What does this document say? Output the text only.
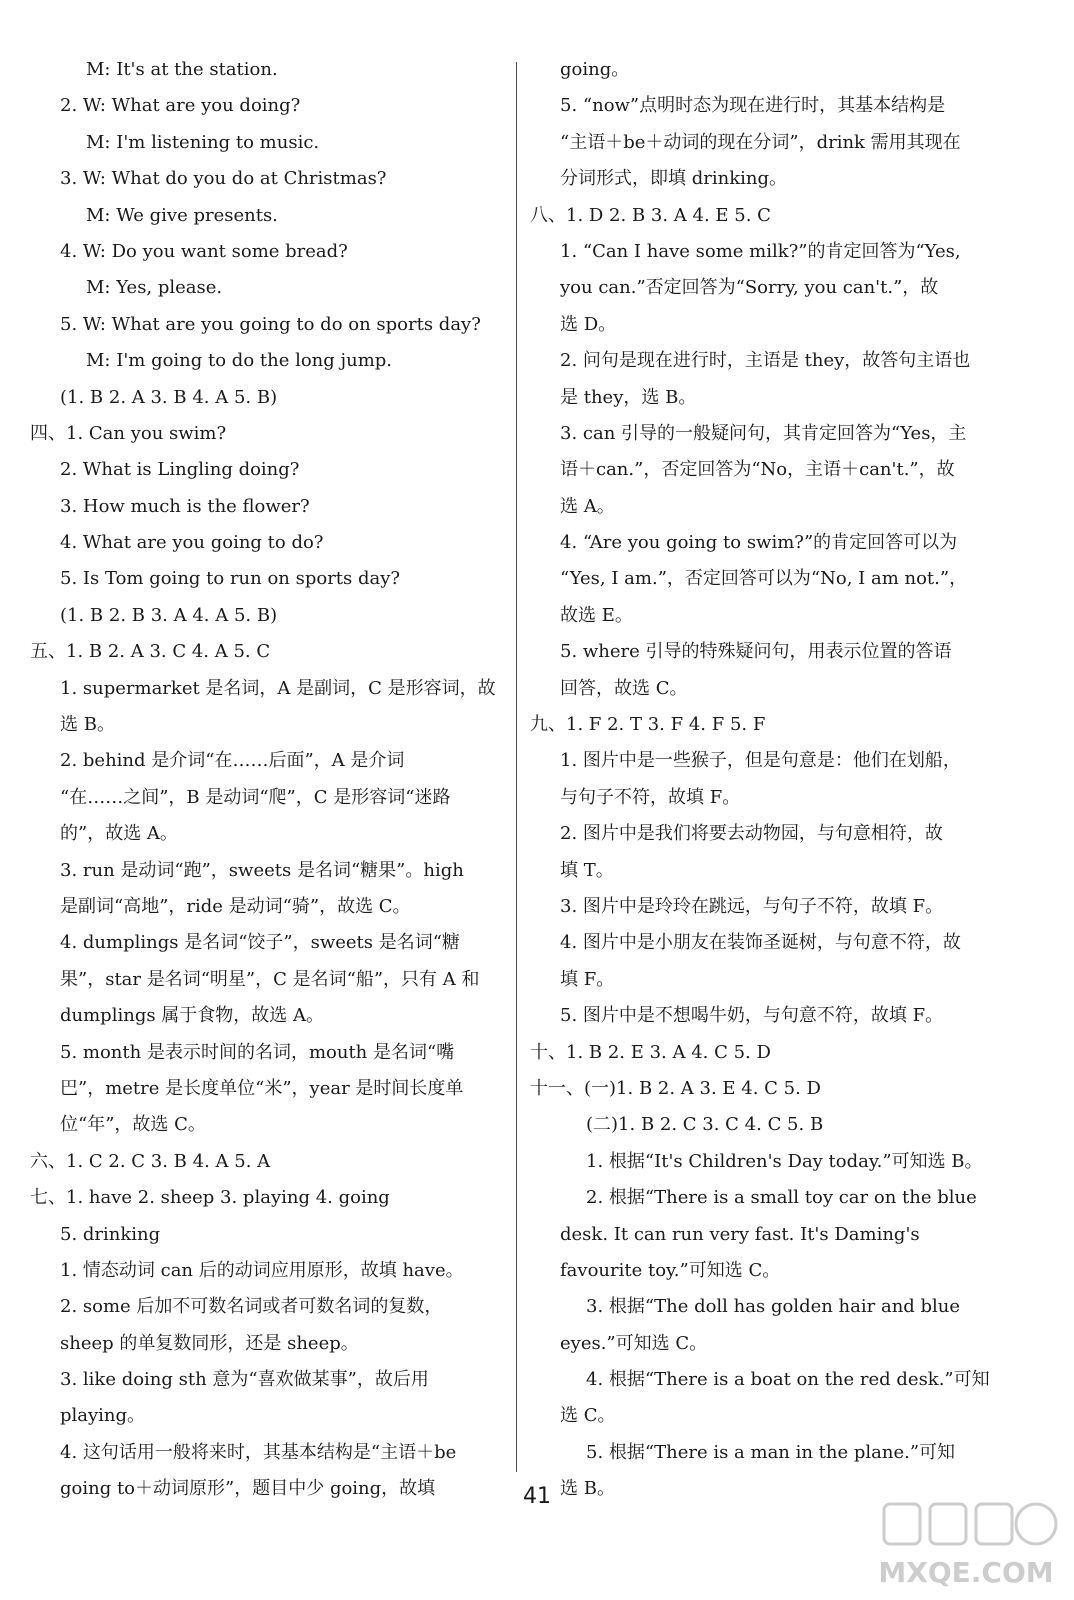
M: It's at the station.
2. W: What are you doing?
M: I'm listening to music.
3. W: What do you do at Christmas?
M: We give presents.
4. W: Do you want some bread?
M: Yes, please.
5. W: What are you going to do on sports day?
M: I'm going to do the long jump.
(1. B 2. A 3. B 4. A 5. B)
四、1. Can you swim?
2. What is Lingling doing?
3. How much is the flower?
4. What are you going to do?
5. Is Tom going to run on sports day?
(1. B 2. B 3. A 4. A 5. B)
五、1. B 2. A 3. C 4. A 5. C
1. supermarket 是名词，A 是副词，C 是形容词，故
选 B。
2. behind 是介词“在……后面”，A 是介词
“在……之间”，B 是动词“爬”，C 是形容词“迷路
的”，故选 A。
3. run 是动词“跑”，sweets 是名词“糖果”。high
是副词“高地”，ride 是动词“骑”，故选 C。
4. dumplings 是名词“饺子”，sweets 是名词“糖
果”，star 是名词“明星”，C 是名词“船”，只有 A 和
dumplings 属于食物，故选 A。
5. month 是表示时间的名词，mouth 是名词“嘴
巴”，metre 是长度单位“米”，year 是时间长度单
位“年”，故选 C。
六、1. C 2. C 3. B 4. A 5. A
七、1. have 2. sheep 3. playing 4. going
5. drinking
1. 情态动词 can 后的动词应用原形，故填 have。
2. some 后加不可数名词或者可数名词的复数，
sheep 的单复数同形，还是 sheep。
3. like doing sth 意为“喜欢做某事”，故后用
playing。
4. 这句话用一般将来时，其基本结构是“主语＋be
going to＋动词原形”，题目中少 going，故填
going。
5. “now”点明时态为现在进行时，其基本结构是
“主语＋be＋动词的现在分词”，drink 需用其现在
分词形式，即填 drinking。
八、1. D 2. B 3. A 4. E 5. C
1. “Can I have some milk?”的肯定回答为“Yes,
you can.”否定回答为“Sorry, you can't.”，故
选 D。
2. 问句是现在进行时，主语是 they，故答句主语也
是 they，选 B。
3. can 引导的一般疑问句，其肯定回答为“Yes，主
语＋can.”，否定回答为“No，主语＋can't.”，故
选 A。
4. “Are you going to swim?”的肯定回答可以为
“Yes, I am.”，否定回答可以为“No, I am not.”，
故选 E。
5. where 引导的特殊疑问句，用表示位置的答语
回答，故选 C。
九、1. F 2. T 3. F 4. F 5. F
1. 图片中是一些猴子，但是句意是：他们在划船，
与句子不符，故填 F。
2. 图片中是我们将要去动物园，与句意相符，故
填 T。
3. 图片中是玲玲在跳远，与句子不符，故填 F。
4. 图片中是小朋友在装饰圣诞树，与句意不符，故
填 F。
5. 图片中是不想喝牛奶，与句意不符，故填 F。
十、1. B 2. E 3. A 4. C 5. D
十一、(一)1. B 2. A 3. E 4. C 5. D
(二)1. B 2. C 3. C 4. C 5. B
1. 根据“It's Children's Day today.”可知选 B。
2. 根据“There is a small toy car on the blue
desk. It can run very fast. It's Daming's
favourite toy.”可知选 C。
3. 根据“The doll has golden hair and blue
eyes.”可知选 C。
4. 根据“There is a boat on the red desk.”可知
选 C。
5. 根据“There is a man in the plane.”可知
选 B。
41
MXQE.COM
